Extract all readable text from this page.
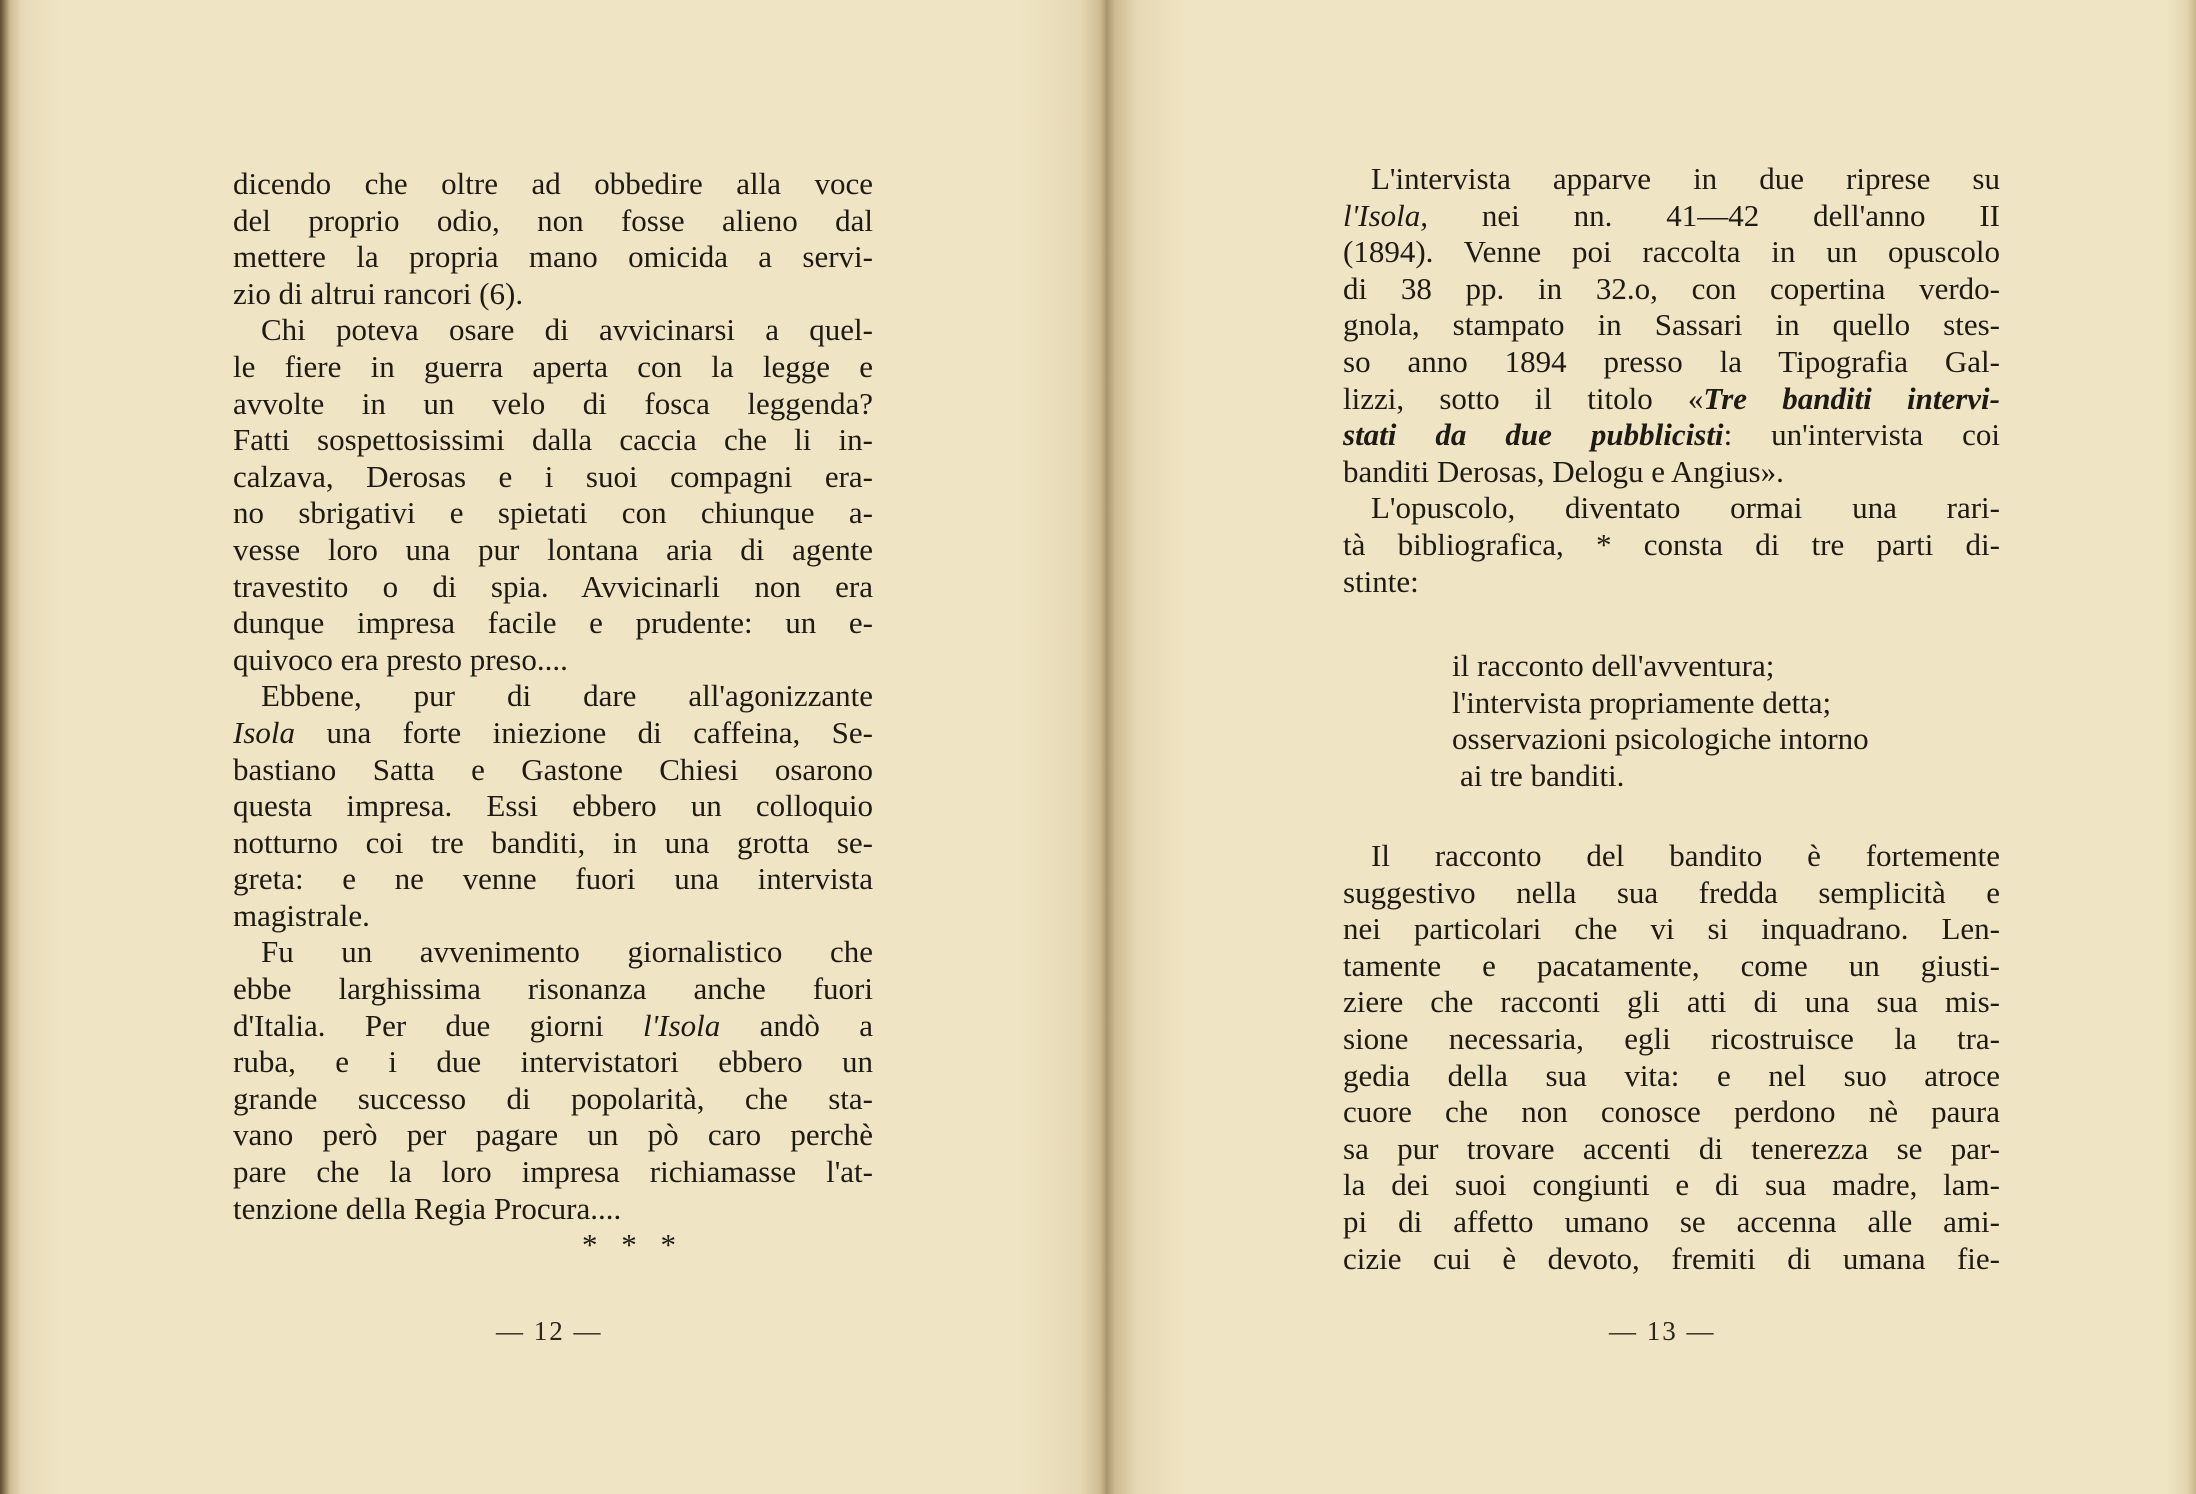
dicendo che oltre ad obbedire alla voce
del proprio odio, non fosse alieno dal
mettere la propria mano omicida a servi-
zio di altrui rancori (6).
Chi poteva osare di avvicinarsi a quel-
le fiere in guerra aperta con la legge e
avvolte in un velo di fosca leggenda?
Fatti sospettosissimi dalla caccia che li in-
calzava, Derosas e i suoi compagni era-
no sbrigativi e spietati con chiunque a-
vesse loro una pur lontana aria di agente
travestito o di spia. Avvicinarli non era
dunque impresa facile e prudente: un e-
quivoco era presto preso....
Ebbene, pur di dare all'agonizzante
Isola una forte iniezione di caffeina, Se-
bastiano Satta e Gastone Chiesi osarono
questa impresa. Essi ebbero un colloquio
notturno coi tre banditi, in una grotta se-
greta: e ne venne fuori una intervista
magistrale.
Fu un avvenimento giornalistico che
ebbe larghissima risonanza anche fuori
d'Italia. Per due giorni l'Isola andò a
ruba, e i due intervistatori ebbero un
grande successo di popolarità, che sta-
vano però per pagare un pò caro perchè
pare che la loro impresa richiamasse l'at-
tenzione della Regia Procura....
* * *
— 12 —
L'intervista apparve in due riprese su
l'Isola, nei nn. 41—42 dell'anno II
(1894). Venne poi raccolta in un opuscolo
di 38 pp. in 32.o, con copertina verdo-
gnola, stampato in Sassari in quello stes-
so anno 1894 presso la Tipografia Gal-
lizzi, sotto il titolo «Tre banditi intervi-
stati da due pubblicisti: un'intervista coi
banditi Derosas, Delogu e Angius».
L'opuscolo, diventato ormai una rari-
tà bibliografica, * consta di tre parti di-
stinte:
il racconto dell'avventura;
l'intervista propriamente detta;
osservazioni psicologiche intorno
ai tre banditi.
Il racconto del bandito è fortemente
suggestivo nella sua fredda semplicità e
nei particolari che vi si inquadrano. Len-
tamente e pacatamente, come un giusti-
ziere che racconti gli atti di una sua mis-
sione necessaria, egli ricostruisce la tra-
gedia della sua vita: e nel suo atroce
cuore che non conosce perdono nè paura
sa pur trovare accenti di tenerezza se par-
la dei suoi congiunti e di sua madre, lam-
pi di affetto umano se accenna alle ami-
cizie cui è devoto, fremiti di umana fie-
— 13 —
